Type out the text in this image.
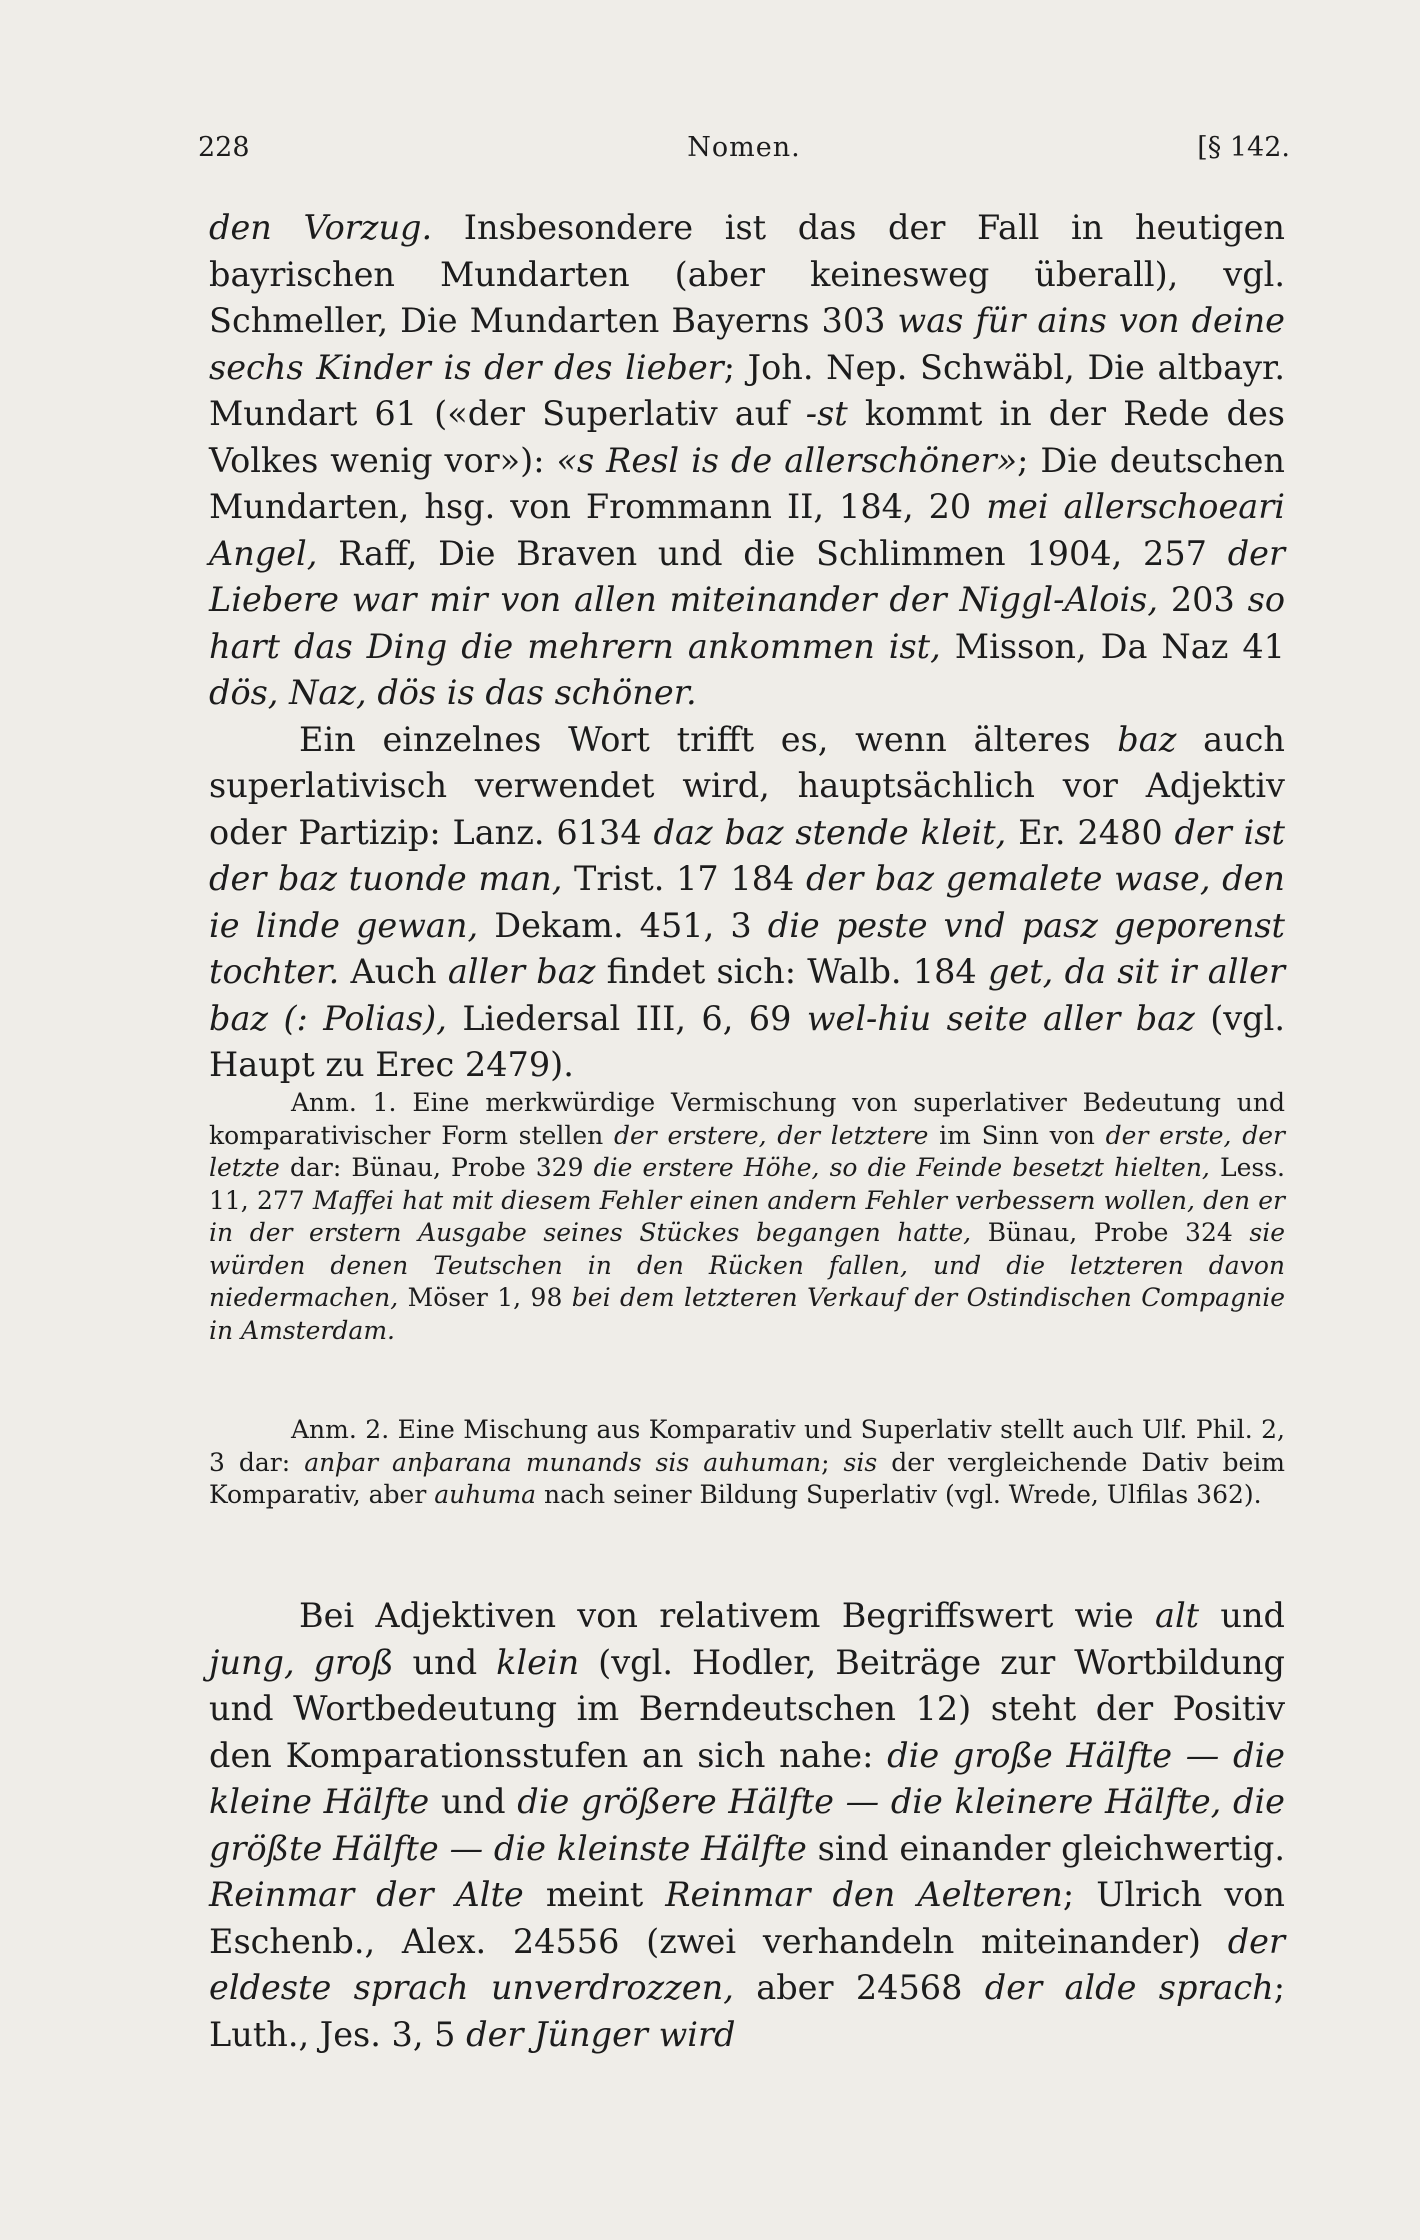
228	Nomen.	[§ 142.

den Vorzug. Insbesondere ist das der Fall in heutigen bayrischen Mundarten (aber keinesweg überall), vgl. Schmeller, Die Mundarten Bayerns 303 was für ains von deine sechs Kinder is der des lieber; Joh. Nep. Schwäbl, Die altbayr. Mundart 61 («der Superlativ auf -st kommt in der Rede des Volkes wenig vor»): «s Resl is de allerschöner»; Die deutschen Mundarten, hsg. von Frommann II, 184, 20 mei allerschoeari Angel, Raff, Die Braven und die Schlimmen 1904, 257 der Liebere war mir von allen miteinander der Niggl-Alois, 203 so hart das Ding die mehrern ankommen ist, Misson, Da Naz 41 dös, Naz, dös is das schöner.

Ein einzelnes Wort trifft es, wenn älteres baz auch superlativisch verwendet wird, hauptsächlich vor Adjektiv oder Partizip: Lanz. 6134 daz baz stende kleit, Er. 2480 der ist der baz tuonde man, Trist. 17 184 der baz gemalete wase, den ie linde gewan, Dekam. 451, 3 die peste vnd pasz geporenst tochter. Auch aller baz findet sich: Walb. 184 get, da sit ir aller baz (: Polias), Liedersal III, 6, 69 wel-hiu seite aller baz (vgl. Haupt zu Erec 2479).

Anm. 1. Eine merkwürdige Vermischung von superlativer Bedeutung und komparativischer Form stellen der erstere, der letztere im Sinn von der erste, der letzte dar: Bünau, Probe 329 die erstere Höhe, so die Feinde besetzt hielten, Less. 11, 277 Maffei hat mit diesem Fehler einen andern Fehler verbessern wollen, den er in der erstern Ausgabe seines Stückes begangen hatte, Bünau, Probe 324 sie würden denen Teutschen in den Rücken fallen, und die letzteren davon niedermachen, Möser 1, 98 bei dem letzteren Verkauf der Ostindischen Compagnie in Amsterdam.

Anm. 2. Eine Mischung aus Komparativ und Superlativ stellt auch Ulf. Phil. 2, 3 dar: anþar anþarana munands sis auhuman; sis der vergleichende Dativ beim Komparativ, aber auhuma nach seiner Bildung Superlativ (vgl. Wrede, Ulfilas 362).

Bei Adjektiven von relativem Begriffswert wie alt und jung, groß und klein (vgl. Hodler, Beiträge zur Wortbildung und Wortbedeutung im Berndeutschen 12) steht der Positiv den Komparationsstufen an sich nahe: die große Hälfte — die kleine Hälfte und die größere Hälfte — die kleinere Hälfte, die größte Hälfte — die kleinste Hälfte sind einander gleichwertig. Reinmar der Alte meint Reinmar den Aelteren; Ulrich von Eschenb., Alex. 24556 (zwei verhandeln miteinander) der eldeste sprach unverdrozzen, aber 24568 der alde sprach; Luth., Jes. 3, 5 der Jünger wird
